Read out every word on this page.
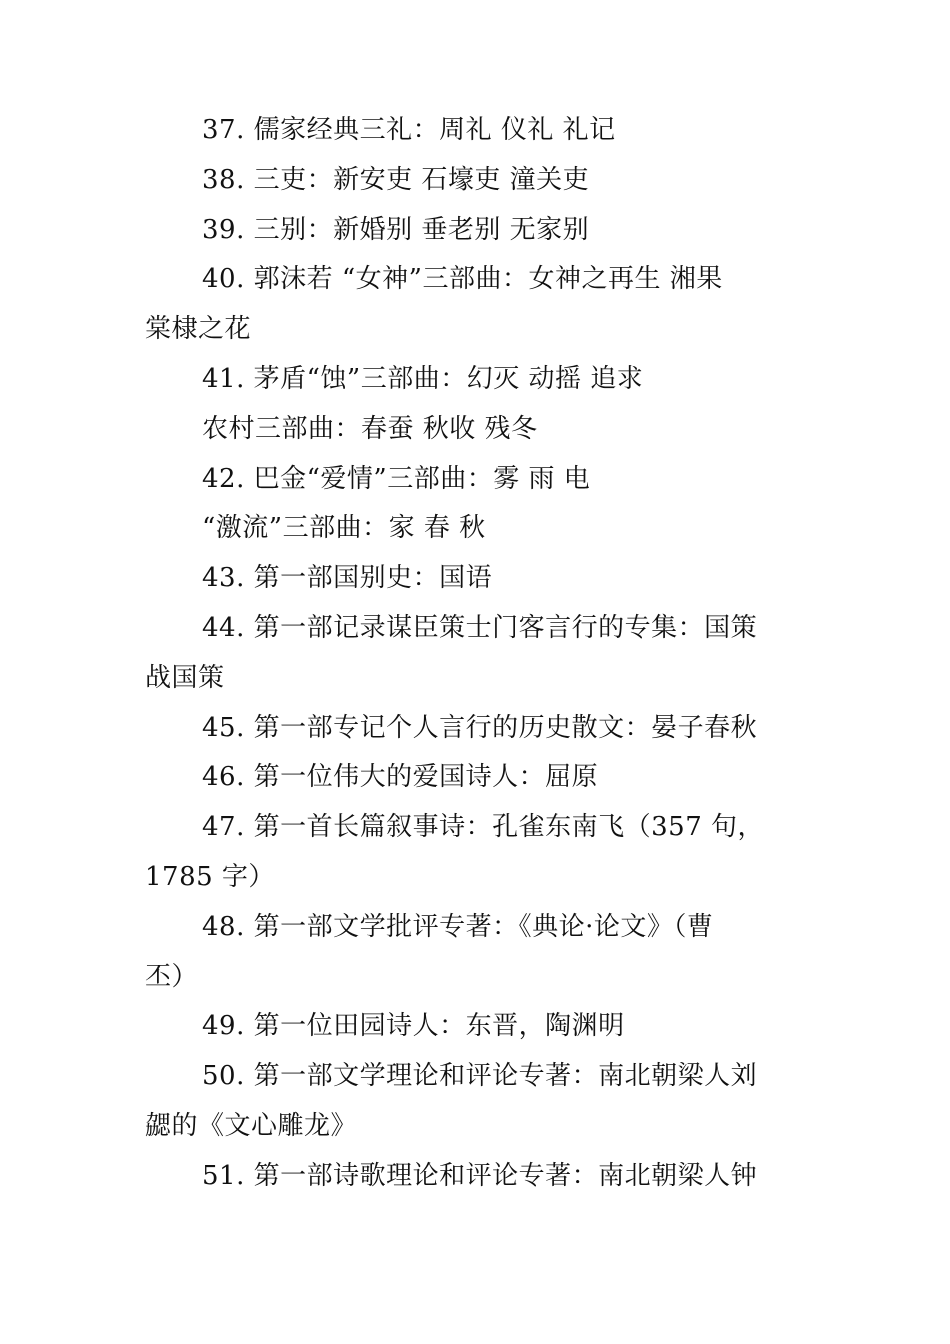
37. 儒家经典三礼：周礼 仪礼 礼记
38. 三吏：新安吏 石壕吏 潼关吏
39. 三别：新婚别 垂老别 无家别
40. 郭沫若 “女神”三部曲：女神之再生 湘果
棠棣之花
41. 茅盾“蚀”三部曲：幻灭 动摇 追求
农村三部曲：春蚕 秋收 残冬
42. 巴金“爱情”三部曲：雾 雨 电
“激流”三部曲：家 春 秋
43. 第一部国别史：国语
44. 第一部记录谋臣策士门客言行的专集：国策
战国策
45. 第一部专记个人言行的历史散文：晏子春秋
46. 第一位伟大的爱国诗人：屈原
47. 第一首长篇叙事诗：孔雀东南飞（357 句，
1785 字）
48. 第一部文学批评专著：《典论·论文》（曹
丕）
49. 第一位田园诗人：东晋，陶渊明
50. 第一部文学理论和评论专著：南北朝梁人刘
勰的《文心雕龙》
51. 第一部诗歌理论和评论专著：南北朝梁人钟
